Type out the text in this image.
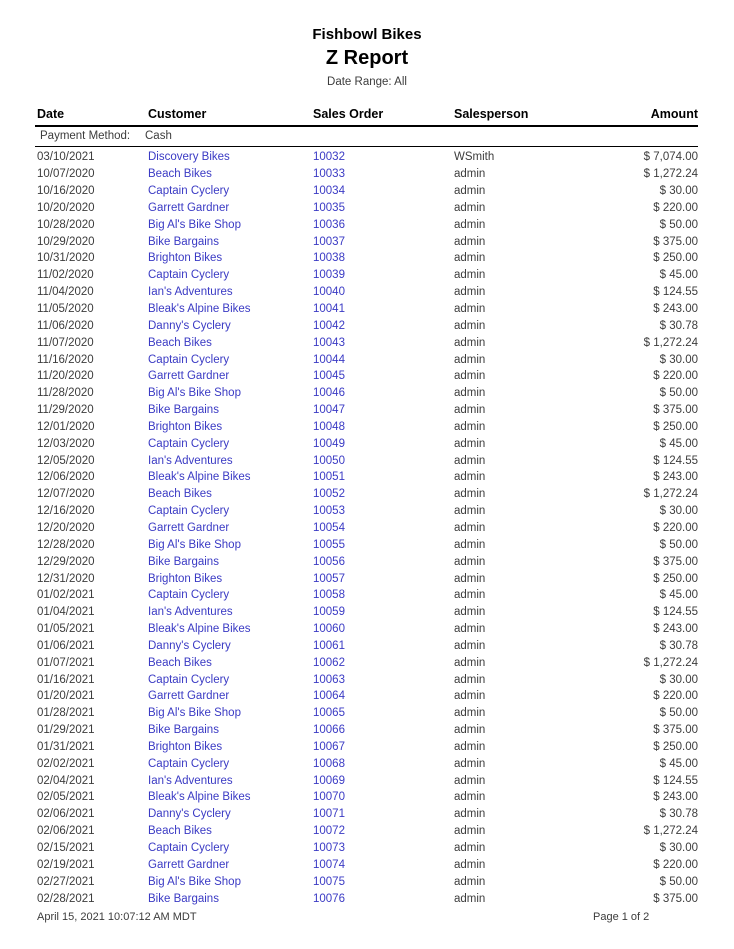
Fishbowl Bikes
Z Report
Date Range: All
Date	Customer	Sales Order	Salesperson	Amount
Payment Method:	Cash
03/10/2021	Discovery Bikes	10032	WSmith	$ 7,074.00
10/07/2020	Beach Bikes	10033	admin	$ 1,272.24
10/16/2020	Captain Cyclery	10034	admin	$ 30.00
10/20/2020	Garrett Gardner	10035	admin	$ 220.00
10/28/2020	Big Al's Bike Shop	10036	admin	$ 50.00
10/29/2020	Bike Bargains	10037	admin	$ 375.00
10/31/2020	Brighton Bikes	10038	admin	$ 250.00
11/02/2020	Captain Cyclery	10039	admin	$ 45.00
11/04/2020	Ian's Adventures	10040	admin	$ 124.55
11/05/2020	Bleak's Alpine Bikes	10041	admin	$ 243.00
11/06/2020	Danny's Cyclery	10042	admin	$ 30.78
11/07/2020	Beach Bikes	10043	admin	$ 1,272.24
11/16/2020	Captain Cyclery	10044	admin	$ 30.00
11/20/2020	Garrett Gardner	10045	admin	$ 220.00
11/28/2020	Big Al's Bike Shop	10046	admin	$ 50.00
11/29/2020	Bike Bargains	10047	admin	$ 375.00
12/01/2020	Brighton Bikes	10048	admin	$ 250.00
12/03/2020	Captain Cyclery	10049	admin	$ 45.00
12/05/2020	Ian's Adventures	10050	admin	$ 124.55
12/06/2020	Bleak's Alpine Bikes	10051	admin	$ 243.00
12/07/2020	Beach Bikes	10052	admin	$ 1,272.24
12/16/2020	Captain Cyclery	10053	admin	$ 30.00
12/20/2020	Garrett Gardner	10054	admin	$ 220.00
12/28/2020	Big Al's Bike Shop	10055	admin	$ 50.00
12/29/2020	Bike Bargains	10056	admin	$ 375.00
12/31/2020	Brighton Bikes	10057	admin	$ 250.00
01/02/2021	Captain Cyclery	10058	admin	$ 45.00
01/04/2021	Ian's Adventures	10059	admin	$ 124.55
01/05/2021	Bleak's Alpine Bikes	10060	admin	$ 243.00
01/06/2021	Danny's Cyclery	10061	admin	$ 30.78
01/07/2021	Beach Bikes	10062	admin	$ 1,272.24
01/16/2021	Captain Cyclery	10063	admin	$ 30.00
01/20/2021	Garrett Gardner	10064	admin	$ 220.00
01/28/2021	Big Al's Bike Shop	10065	admin	$ 50.00
01/29/2021	Bike Bargains	10066	admin	$ 375.00
01/31/2021	Brighton Bikes	10067	admin	$ 250.00
02/02/2021	Captain Cyclery	10068	admin	$ 45.00
02/04/2021	Ian's Adventures	10069	admin	$ 124.55
02/05/2021	Bleak's Alpine Bikes	10070	admin	$ 243.00
02/06/2021	Danny's Cyclery	10071	admin	$ 30.78
02/06/2021	Beach Bikes	10072	admin	$ 1,272.24
02/15/2021	Captain Cyclery	10073	admin	$ 30.00
02/19/2021	Garrett Gardner	10074	admin	$ 220.00
02/27/2021	Big Al's Bike Shop	10075	admin	$ 50.00
02/28/2021	Bike Bargains	10076	admin	$ 375.00
April 15, 2021 10:07:12 AM MDT	Page 1 of 2
